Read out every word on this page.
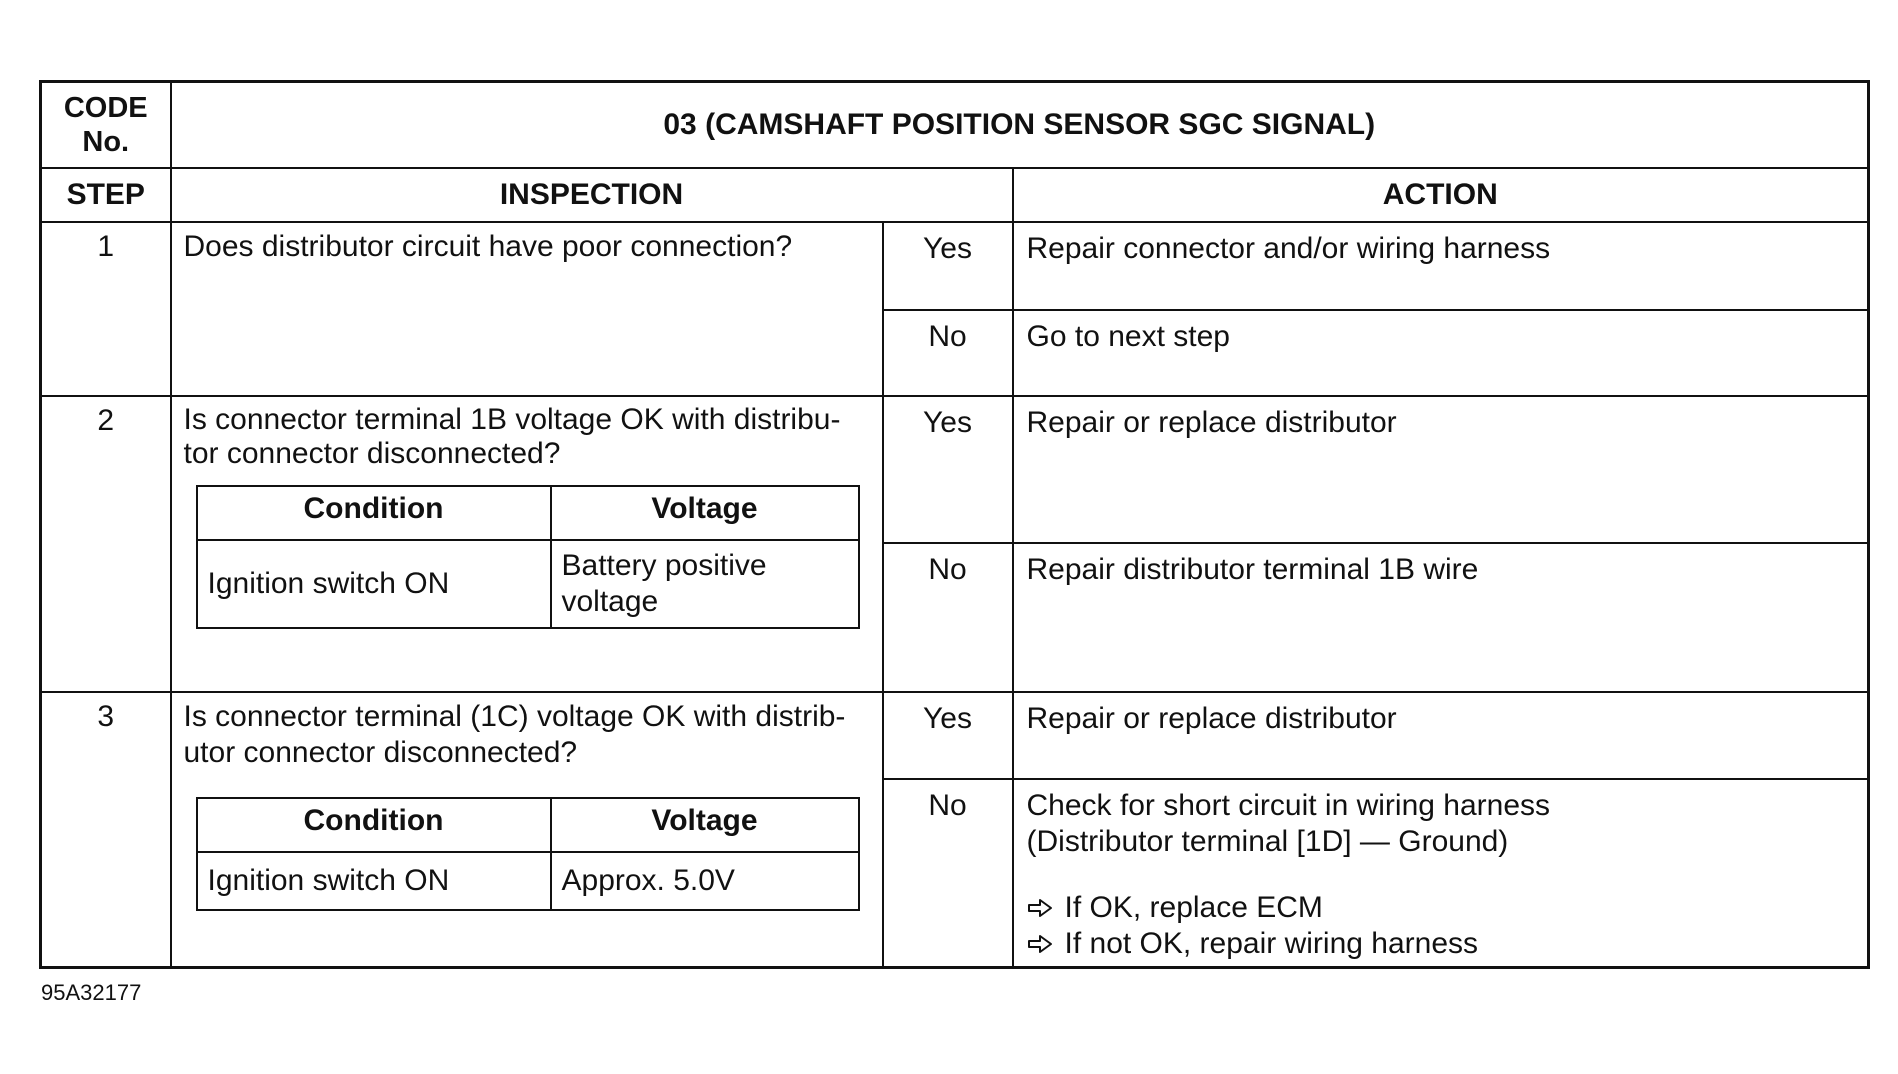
CODE
No.	03 (CAMSHAFT POSITION SENSOR SGC SIGNAL)
STEP	INSPECTION	ACTION
1	Does distributor circuit have poor connection?	Yes	Repair connector and/or wiring harness
No	Go to next step
2	Is connector terminal 1B voltage OK with distribu-
tor connector disconnected?
Condition	Voltage
Ignition switch ON	Battery positive
voltage
	Yes	Repair or replace distributor
No	Repair distributor terminal 1B wire
3	Is connector terminal (1C) voltage OK with distrib-
utor connector disconnected?
Condition	Voltage
Ignition switch ON	Approx. 5.0V
	Yes	Repair or replace distributor
No	Check for short circuit in wiring harness
(Distributor terminal [1D] — Ground)
If OK, replace ECM
If not OK, repair wiring harness
95A32177
